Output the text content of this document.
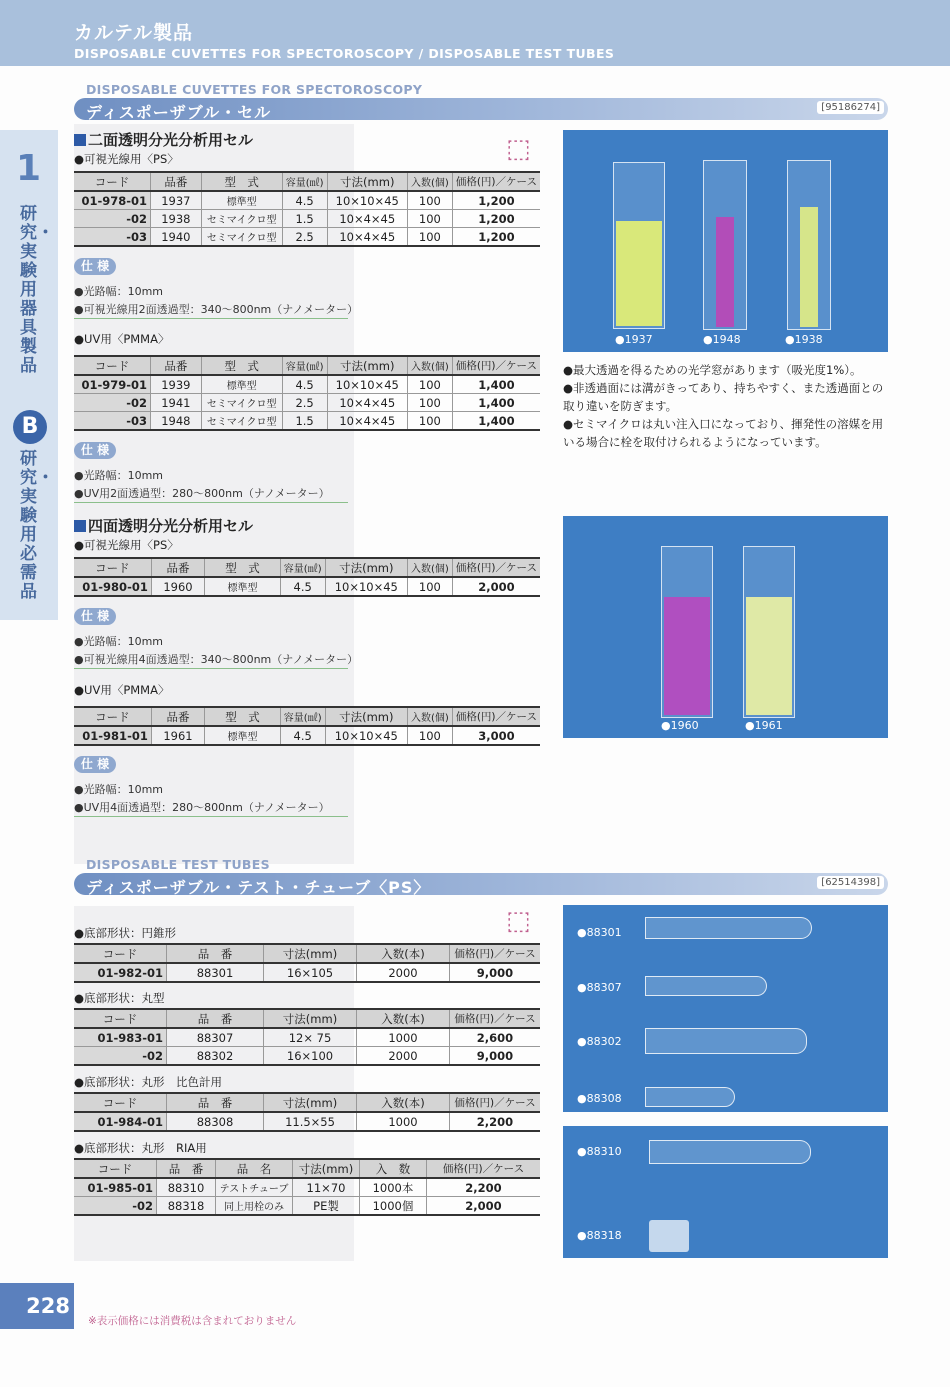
カルテル製品
DISPOSABLE CUVETTES FOR SPECTOROSCOPY / DISPOSABLE TEST TUBES
1
研究・実験用器具製品
B
研究・実験用必需品
DISPOSABLE CUVETTES FOR SPECTOROSCOPY
ディスポーザブル・セル	[95186274]
二面透明分光分析用セル	⬚
●可視光線用〈PS〉
コード	品番	型　式	容量(㎖)	寸法(mm)	入数(個)	価格(円)／ケース
01-978-01	1937	標準型	4.5	10×10×45	100	1,200
-02	1938	セミマイクロ型	1.5	10×4×45	100	1,200
-03	1940	セミマイクロ型	2.5	10×4×45	100	1,200
仕 様
●光路幅：10mm
●可視光線用2面透過型：340～800nm（ナノメーター）
●UV用〈PMMA〉
コード	品番	型　式	容量(㎖)	寸法(mm)	入数(個)	価格(円)／ケース
01-979-01	1939	標準型	4.5	10×10×45	100	1,400
-02	1941	セミマイクロ型	2.5	10×4×45	100	1,400
-03	1948	セミマイクロ型	1.5	10×4×45	100	1,400
仕 様
●光路幅：10mm
●UV用2面透過型：280～800nm（ナノメーター）
●1937	●1948	●1938
●最大透過を得るための光学窓があります（吸光度1%）。
●非透過面には溝がきってあり、持ちやすく、また透過面との取り違いを防ぎます。
●セミマイクロは丸い注入口になっており、揮発性の溶媒を用いる場合に栓を取付けられるようになっています。
四面透明分光分析用セル
●可視光線用〈PS〉
コード	品番	型　式	容量(㎖)	寸法(mm)	入数(個)	価格(円)／ケース
01-980-01	1960	標準型	4.5	10×10×45	100	2,000
仕 様
●光路幅：10mm
●可視光線用4面透過型：340～800nm（ナノメーター）
●UV用〈PMMA〉
コード	品番	型　式	容量(㎖)	寸法(mm)	入数(個)	価格(円)／ケース
01-981-01	1961	標準型	4.5	10×10×45	100	3,000
仕 様
●光路幅：10mm
●UV用4面透過型：280～800nm（ナノメーター）
●1960	●1961
DISPOSABLE TEST TUBES
ディスポーザブル・テスト・チューブ〈PS〉	[62514398]
⬚
●底部形状：円錐形
コード	品　番	寸法(mm)	入数(本)	価格(円)／ケース
01-982-01	88301	16×105	2000	9,000
●底部形状：丸型
コード	品　番	寸法(mm)	入数(本)	価格(円)／ケース
01-983-01	88307	12× 75	1000	2,600
-02	88302	16×100	2000	9,000
●底部形状：丸形　比色計用
コード	品　番	寸法(mm)	入数(本)	価格(円)／ケース
01-984-01	88308	11.5×55	1000	2,200
●底部形状：丸形　RIA用
コード	品　番	品　名	寸法(mm)	入　数	価格(円)／ケース
01-985-01	88310	テストチューブ	11×70	1000本	2,200
-02	88318	同上用栓のみ	PE製	1000個	2,000
●88301
●88307
●88302
●88308
●88310
●88318
228
※表示価格には消費税は含まれておりません
